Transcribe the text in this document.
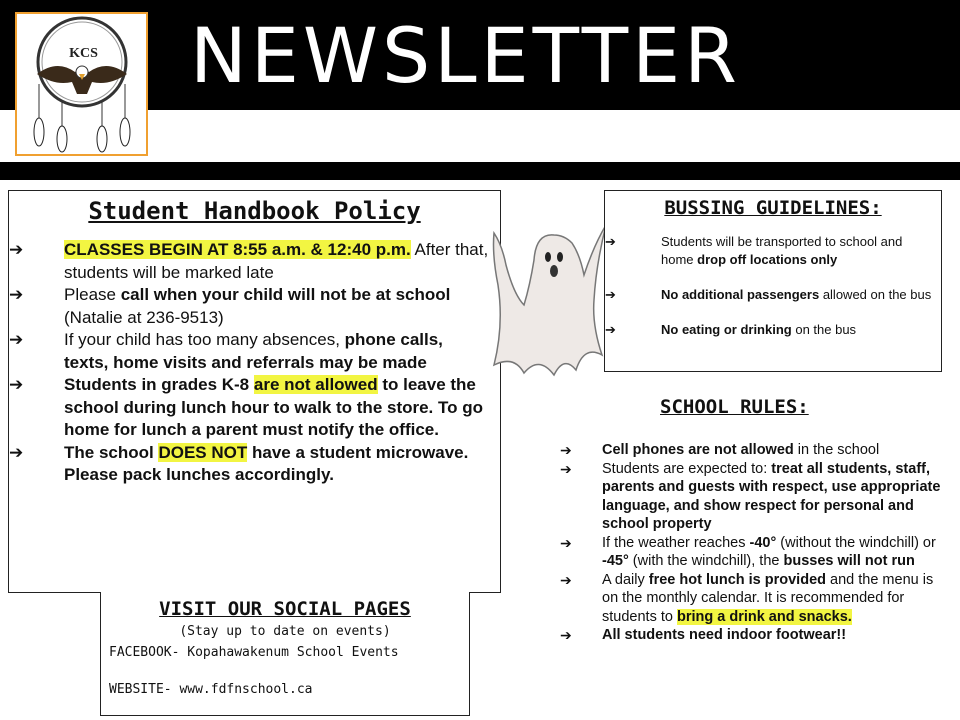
NEWSLETTER
KCS
Student Handbook Policy
➔ CLASSES BEGIN AT 8:55 a.m. & 12:40 p.m. After that, students will be marked late
➔ Please call when your child will not be at school (Natalie at 236-9513)
➔ If your child has too many absences, phone calls, texts, home visits and referrals may be made
➔ Students in grades K-8 are not allowed to leave the school during lunch hour to walk to the store. To go home for lunch a parent must notify the office.
➔ The school DOES NOT have a student microwave. Please pack lunches accordingly.
BUSSING GUIDELINES:
➔	Students will be transported to school and home drop off locations only
➔	No additional passengers allowed on the bus
➔	No eating or drinking on the bus
SCHOOL RULES:
➔ Cell phones are not allowed in the school
➔ Students are expected to: treat all students, staff, parents and guests with respect, use appropriate language, and show respect for personal and school property
➔ If the weather reaches -40° (without the windchill) or -45° (with the windchill), the busses will not run
➔ A daily free hot lunch is provided and the menu is on the monthly calendar. It is recommended for students to bring a drink and snacks.
➔ All students need indoor footwear!!
VISIT OUR SOCIAL PAGES
(Stay up to date on events)
FACEBOOK- Kopahawakenum School Events
WEBSITE- www.fdfnschool.ca
